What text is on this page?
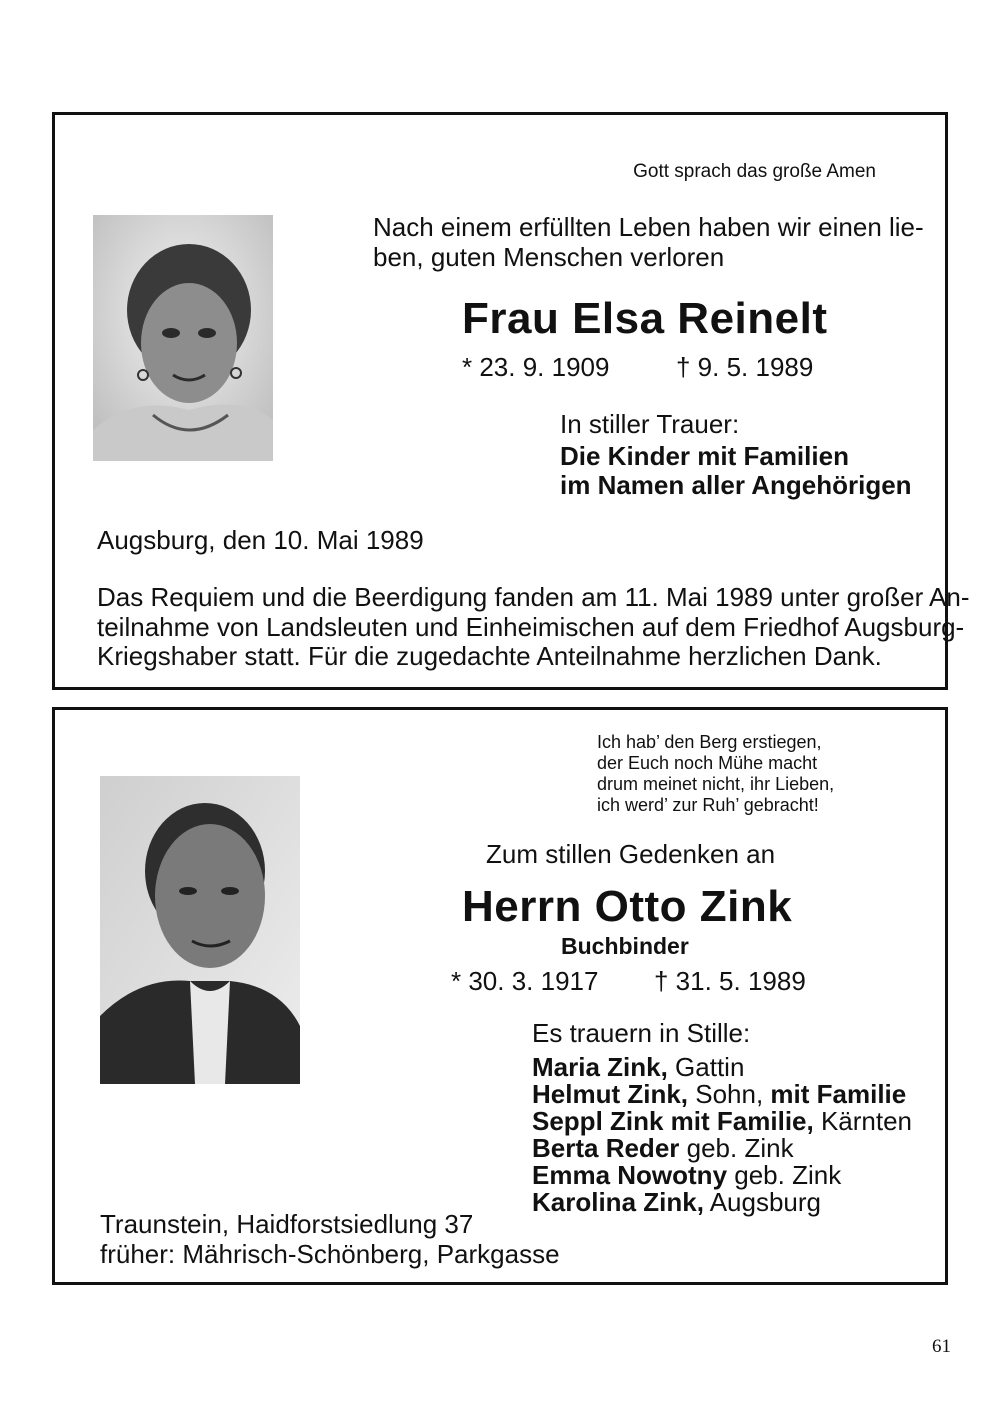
Gott sprach das große Amen
Nach einem erfüllten Leben haben wir einen lie-
ben, guten Menschen verloren
Frau Elsa Reinelt
* 23. 9. 1909	† 9. 5. 1989
In stiller Trauer:
Die Kinder mit Familien
im Namen aller Angehörigen
Augsburg, den 10. Mai 1989
Das Requiem und die Beerdigung fanden am 11. Mai 1989 unter großer An-
teilnahme von Landsleuten und Einheimischen auf dem Friedhof Augsburg-
Kriegshaber statt. Für die zugedachte Anteilnahme herzlichen Dank.
Ich hab’ den Berg erstiegen,
der Euch noch Mühe macht
drum meinet nicht, ihr Lieben,
ich werd’ zur Ruh’ gebracht!
Zum stillen Gedenken an
Herrn Otto Zink
Buchbinder
* 30. 3. 1917 † 31. 5. 1989
Es trauern in Stille:
Maria Zink, Gattin
Helmut Zink, Sohn, mit Familie
Seppl Zink mit Familie, Kärnten
Berta Reder geb. Zink
Emma Nowotny geb. Zink
Karolina Zink, Augsburg
Traunstein, Haidforstsiedlung 37
früher: Mährisch-Schönberg, Parkgasse
61
